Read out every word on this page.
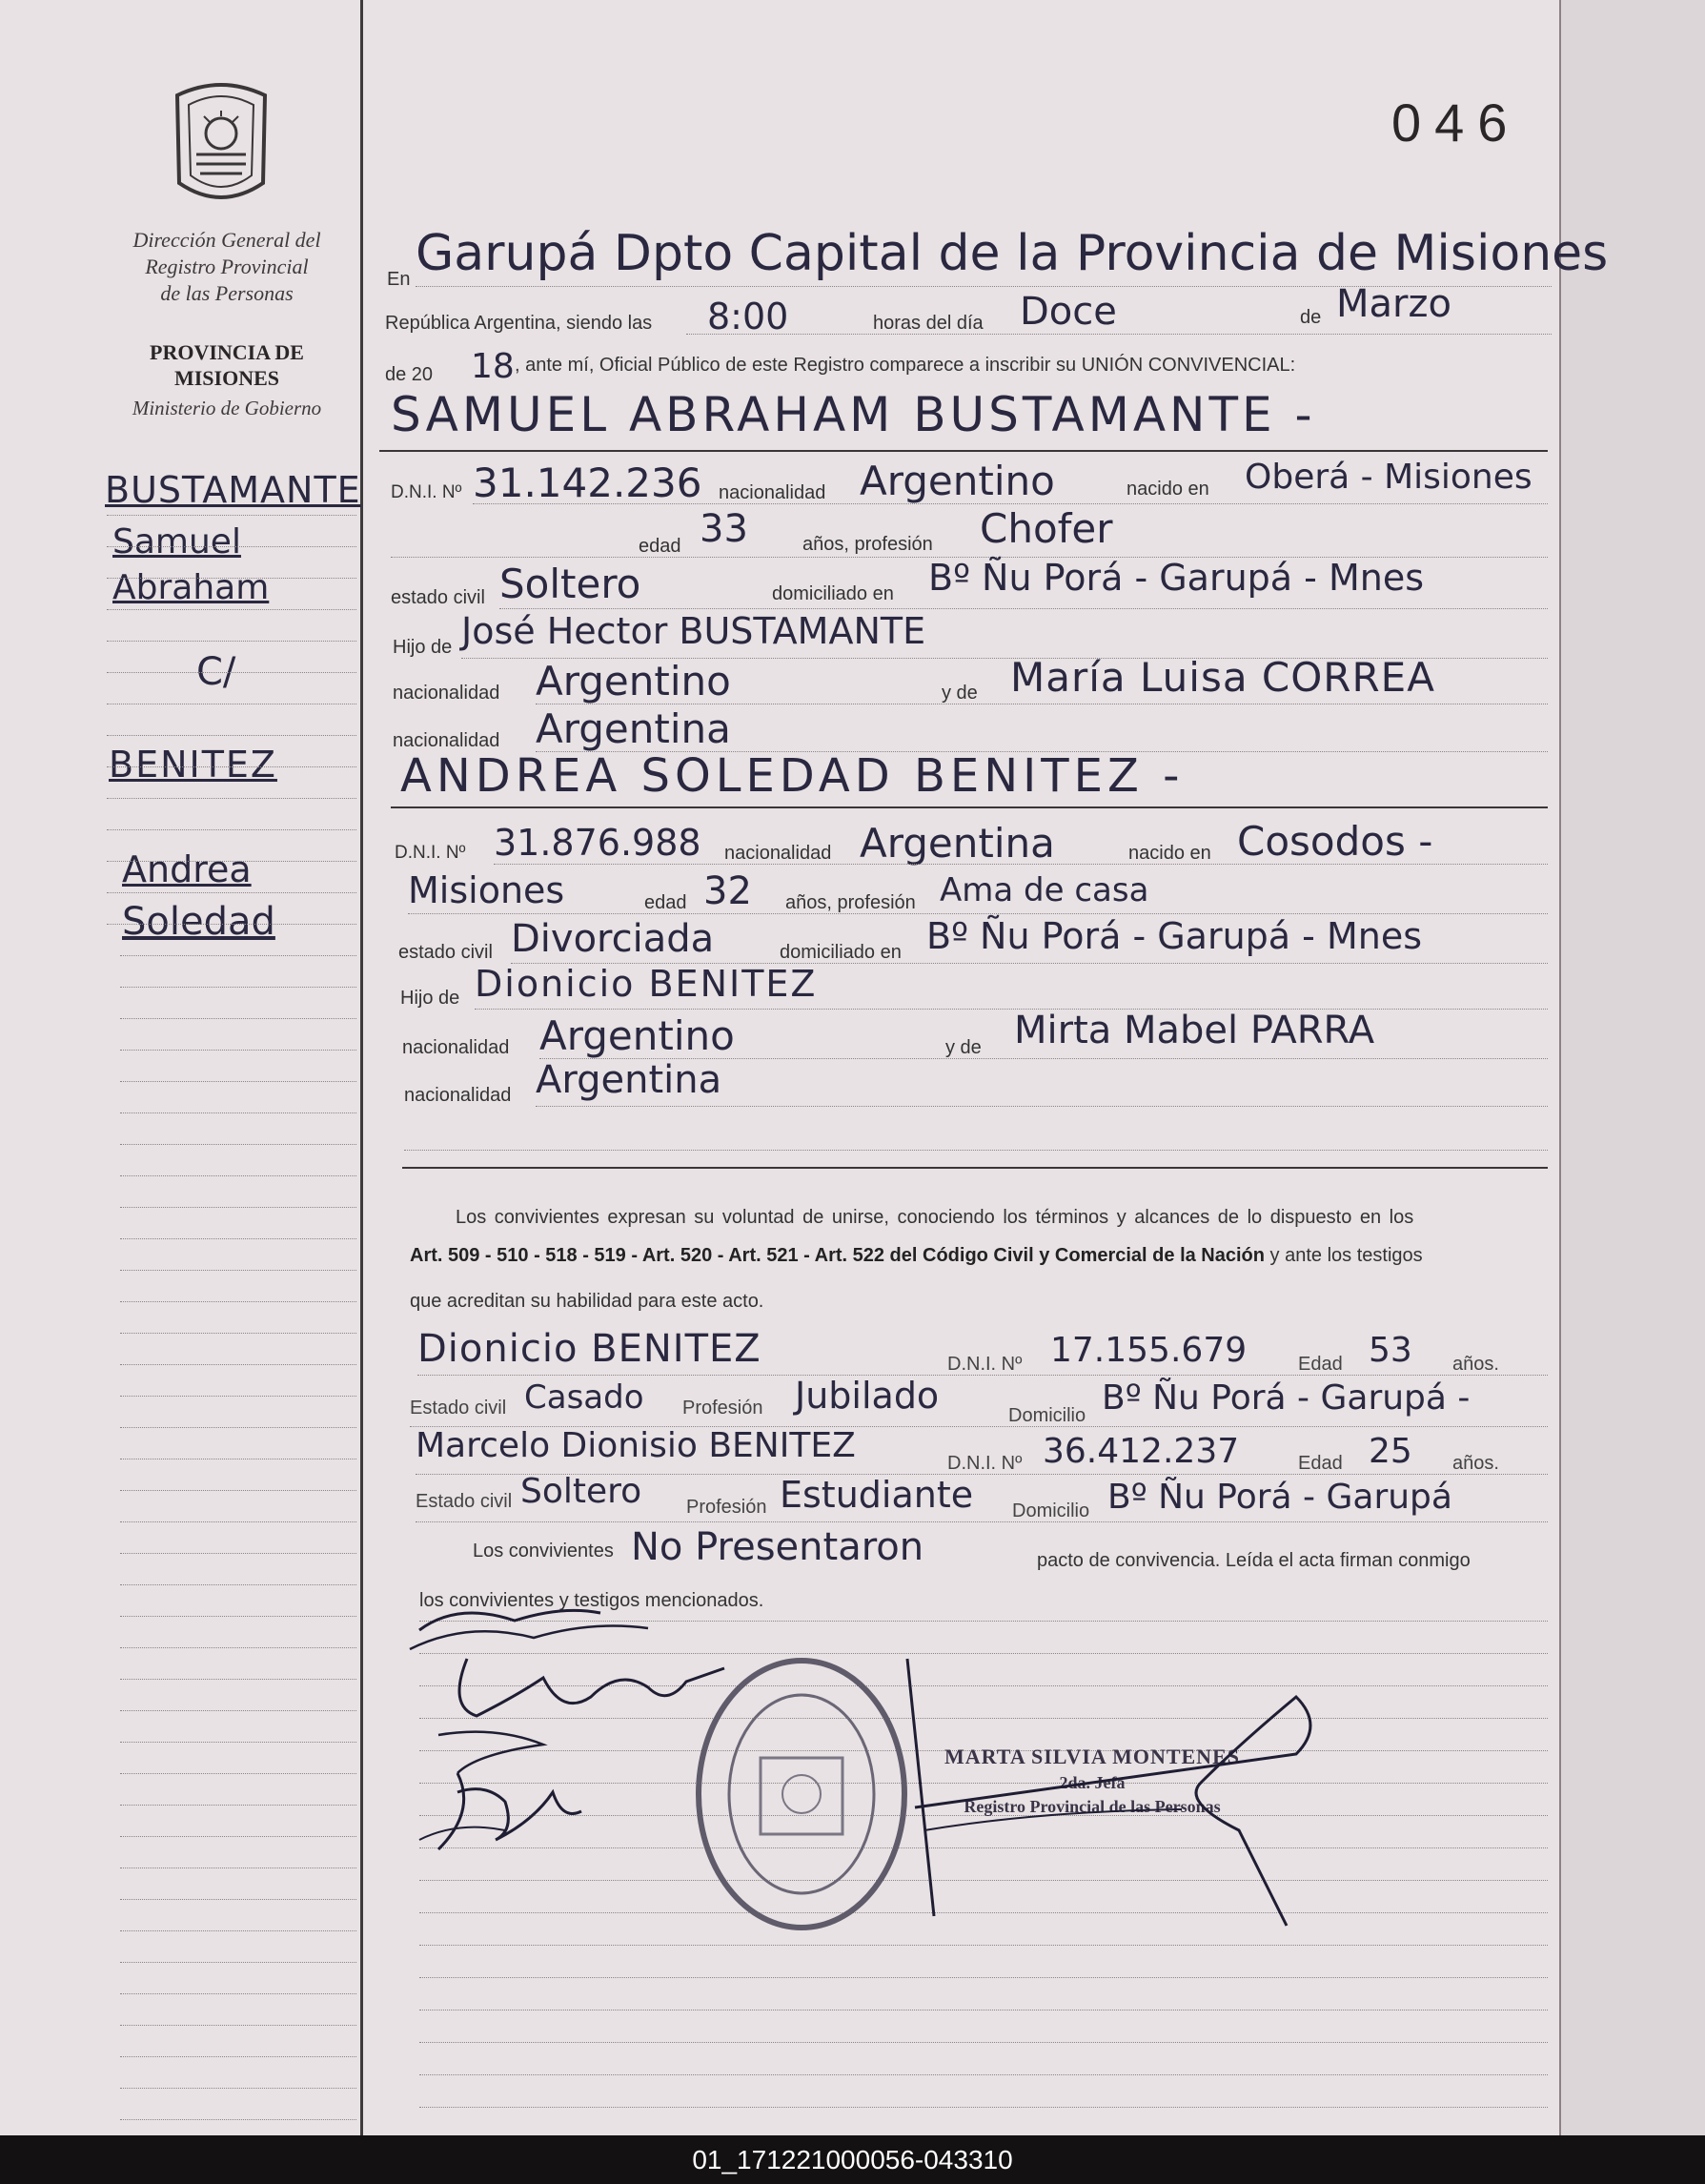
Dirección General del
Registro Provincial
de las Personas
PROVINCIA DE
MISIONES
Ministerio de Gobierno
BUSTAMANTE
Samuel
Abraham
C/
BENITEZ
Andrea
Soledad
046
En Garupá Dpto Capital de la Provincia de Misiones
República Argentina, siendo las 8:00	horas del día Doce	de Marzo
de 20 18 , ante mí, Oficial Público de este Registro comparece a inscribir su UNIÓN CONVIVENCIAL:
SAMUEL ABRAHAM BUSTAMANTE -
D.N.I. Nº 31.142.236 nacionalidad Argentino	nacido en Oberá - Misiones
edad 33	años, profesión Chofer
estado civil Soltero	domiciliado en Bº Ñu Porá - Garupá - Mnes
Hijo de José Hector BUSTAMANTE
nacionalidad Argentino	y de María Luisa CORREA
nacionalidad Argentina
ANDREA SOLEDAD BENITEZ -
D.N.I. Nº 31.876.988 nacionalidad Argentina	nacido en Cosodos -
Misiones	edad 32 años, profesión Ama de casa
estado civil Divorciada	domiciliado en Bº Ñu Porá - Garupá - Mnes
Hijo de Dionicio BENITEZ
nacionalidad Argentino	y de Mirta Mabel PARRA
nacionalidad Argentina
Los convivientes expresan su voluntad de unirse, conociendo los términos y alcances de lo dispuesto en los
Art. 509 - 510 - 518 - 519 - Art. 520 - Art. 521 - Art. 522 del Código Civil y Comercial de la Nación y ante los testigos
que acreditan su habilidad para este acto.
Dionicio BENITEZ	D.N.I. Nº 17.155.679	Edad 53 años.
Estado civil Casado Profesión Jubilado	Domicilio Bº Ñu Porá - Garupá -
Marcelo Dionisio BENITEZ	D.N.I. Nº 36.412.237	Edad 25 años.
Estado civil Soltero Profesión Estudiante Domicilio Bº Ñu Porá - Garupá
Los convivientes No Presentaron	pacto de convivencia. Leída el acta firman conmigo
los convivientes y testigos mencionados.
MARTA SILVIA MONTENES
2da. Jefa
Registro Provincial de las Personas
01_171221000056-043310
